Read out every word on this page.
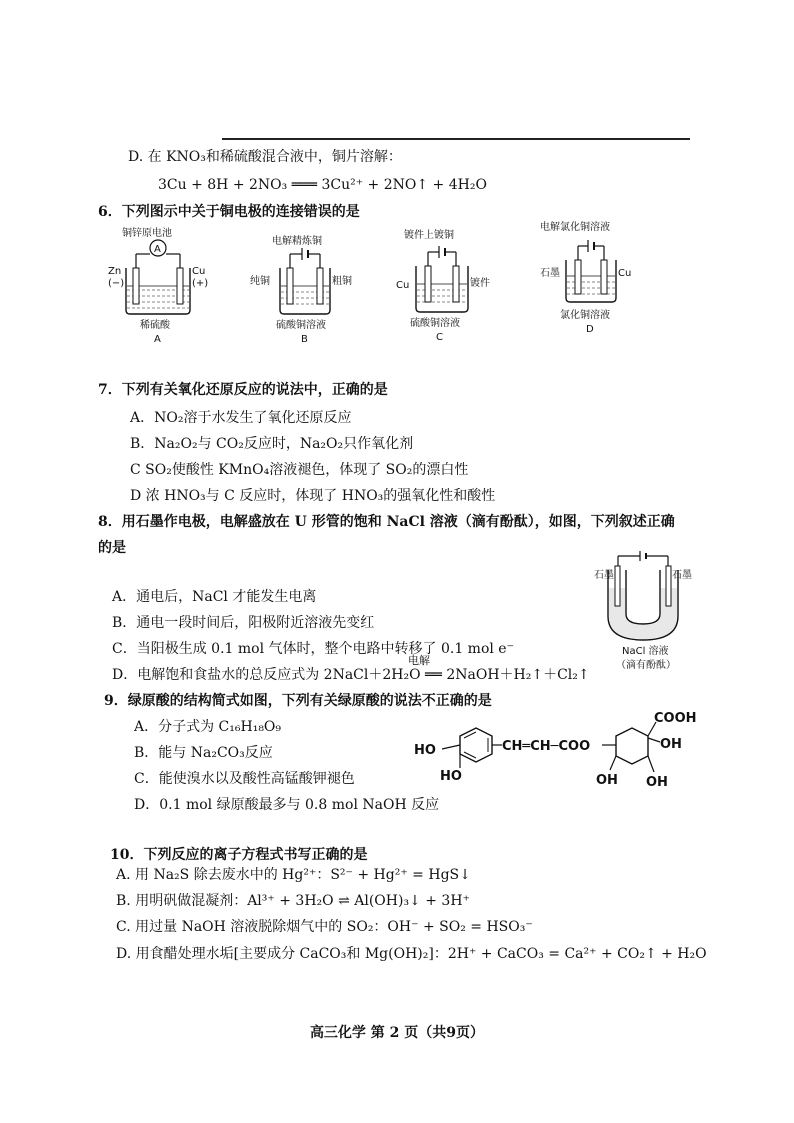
D. 在 KNO₃和稀硫酸混合液中，铜片溶解：
3Cu + 8H + 2NO₃ ═══ 3Cu²⁺ + 2NO↑ + 4H₂O
6．下列图示中关于铜电极的连接错误的是
铜锌原电池
A
Zn
(−)
Cu
(+)
稀硫酸
A
电解精炼铜
纯铜	粗铜
硫酸铜溶液
B
镀件上镀铜
Cu	镀件
硫酸铜溶液
C
电解氯化铜溶液
石墨	Cu
氯化铜溶液
D
7．下列有关氧化还原反应的说法中，正确的是
A．NO₂溶于水发生了氧化还原反应
B．Na₂O₂与 CO₂反应时，Na₂O₂只作氧化剂
C SO₂使酸性 KMnO₄溶液褪色，体现了 SO₂的漂白性
D 浓 HNO₃与 C 反应时，体现了 HNO₃的强氧化性和酸性
8．用石墨作电极，电解盛放在 U 形管的饱和 NaCl 溶液（滴有酚酞），如图，下列叙述正确
的是
A．通电后，NaCl 才能发生电离
B．通电一段时间后，阳极附近溶液先变红
C．当阳极生成 0.1 mol 气体时，整个电路中转移了 0.1 mol e⁻
D．电解饱和食盐水的总反应式为 2NaCl＋2H₂O ══ 2NaOH＋H₂↑＋Cl₂↑
电解
石墨	石墨
NaCl 溶液
（滴有酚酞）
9．绿原酸的结构简式如图，下列有关绿原酸的说法不正确的是
A．分子式为 C₁₆H₁₈O₉
B．能与 Na₂CO₃反应
C．能使溴水以及酸性高锰酸钾褪色
D．0.1 mol 绿原酸最多与 0.8 mol NaOH 反应
HO
HO
CH═CH─COO
COOH
OH
OH OH
10．下列反应的离子方程式书写正确的是
A. 用 Na₂S 除去废水中的 Hg²⁺：S²⁻ + Hg²⁺ = HgS↓
B. 用明矾做混凝剂：Al³⁺ + 3H₂O ⇌ Al(OH)₃↓ + 3H⁺
C. 用过量 NaOH 溶液脱除烟气中的 SO₂：OH⁻ + SO₂ = HSO₃⁻
D. 用食醋处理水垢[主要成分 CaCO₃和 Mg(OH)₂]：2H⁺ + CaCO₃ = Ca²⁺ + CO₂↑ + H₂O
高三化学 第 2 页（共9页）
